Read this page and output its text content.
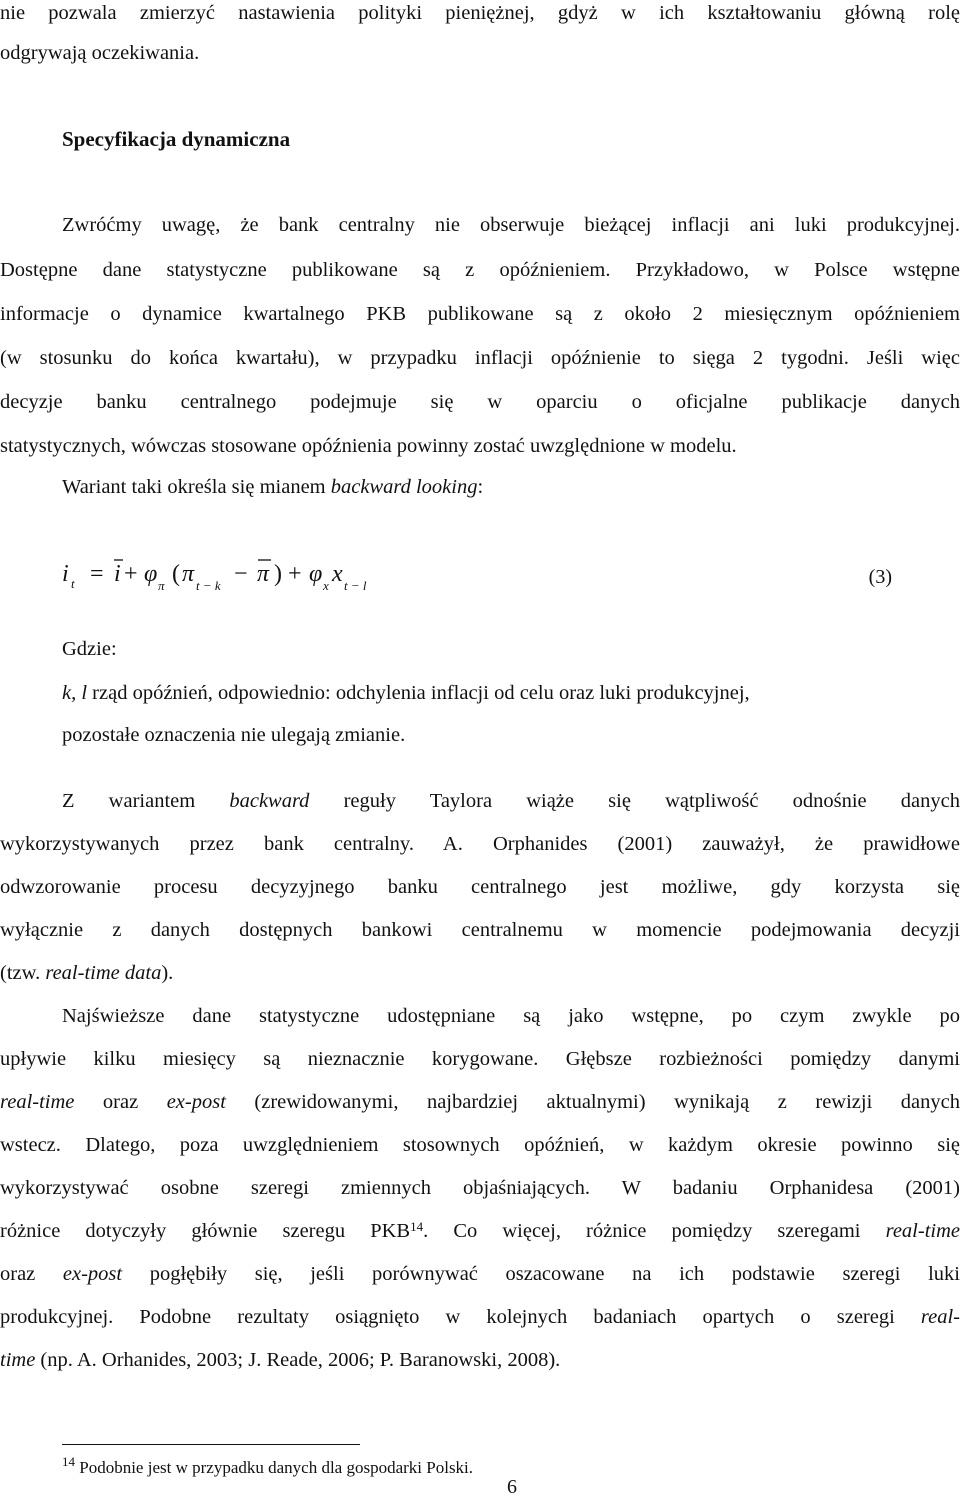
nie pozwala zmierzyć nastawienia polityki pieniężnej, gdyż w ich kształtowaniu główną rolę
odgrywają oczekiwania.
Specyfikacja dynamiczna
Zwróćmy uwagę, że bank centralny nie obserwuje bieżącej inflacji ani luki produkcyjnej.
Dostępne dane statystyczne publikowane są z opóźnieniem. Przykładowo, w Polsce wstępne
informacje o dynamice kwartalnego PKB publikowane są z około 2 miesięcznym opóźnieniem
(w stosunku do końca kwartału), w przypadku inflacji opóźnienie to sięga 2 tygodni. Jeśli więc
decyzje banku centralnego podejmuje się w oparciu o oficjalne publikacje danych
statystycznych, wówczas stosowane opóźnienia powinny zostać uwzględnione w modelu.
Wariant taki określa się mianem backward looking:
i t = i + φ π ( π t − k − π ) + φ x x t − l	(3)
Gdzie:
k, l rząd opóźnień, odpowiednio: odchylenia inflacji od celu oraz luki produkcyjnej,
pozostałe oznaczenia nie ulegają zmianie.
Z wariantem backward reguły Taylora wiąże się wątpliwość odnośnie danych
wykorzystywanych przez bank centralny. A. Orphanides (2001) zauważył, że prawidłowe
odwzorowanie procesu decyzyjnego banku centralnego jest możliwe, gdy korzysta się
wyłącznie z danych dostępnych bankowi centralnemu w momencie podejmowania decyzji
(tzw. real-time data).
Najświeższe dane statystyczne udostępniane są jako wstępne, po czym zwykle po
upływie kilku miesięcy są nieznacznie korygowane. Głębsze rozbieżności pomiędzy danymi
real-time oraz ex-post (zrewidowanymi, najbardziej aktualnymi) wynikają z rewizji danych
wstecz. Dlatego, poza uwzględnieniem stosownych opóźnień, w każdym okresie powinno się
wykorzystywać osobne szeregi zmiennych objaśniających. W badaniu Orphanidesa (2001)
różnice dotyczyły głównie szeregu PKB$^{14}$. Co więcej, różnice pomiędzy szeregami real-time
oraz ex-post pogłębiły się, jeśli porównywać oszacowane na ich podstawie szeregi luki
produkcyjnej. Podobne rezultaty osiągnięto w kolejnych badaniach opartych o szeregi real-
time (np. A. Orhanides, 2003; J. Reade, 2006; P. Baranowski, 2008).
$^{14}$ Podobnie jest w przypadku danych dla gospodarki Polski.
6
